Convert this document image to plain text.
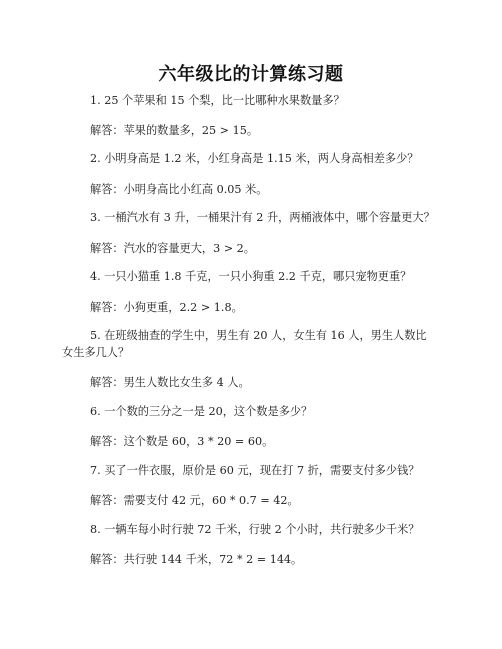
六年级比的计算练习题
1. 25 个苹果和 15 个梨，比一比哪种水果数量多？
解答：苹果的数量多，25 > 15。
2. 小明身高是 1.2 米，小红身高是 1.15 米，两人身高相差多少？
解答：小明身高比小红高 0.05 米。
3. 一桶汽水有 3 升，一桶果汁有 2 升，两桶液体中，哪个容量更大？
解答：汽水的容量更大，3 > 2。
4. 一只小猫重 1.8 千克，一只小狗重 2.2 千克，哪只宠物更重？
解答：小狗更重，2.2 > 1.8。
5. 在班级抽查的学生中，男生有 20 人，女生有 16 人，男生人数比
女生多几人？
解答：男生人数比女生多 4 人。
6. 一个数的三分之一是 20，这个数是多少？
解答：这个数是 60，3 * 20 = 60。
7. 买了一件衣服，原价是 60 元，现在打 7 折，需要支付多少钱？
解答：需要支付 42 元，60 * 0.7 = 42。
8. 一辆车每小时行驶 72 千米，行驶 2 个小时，共行驶多少千米？
解答：共行驶 144 千米，72 * 2 = 144。
